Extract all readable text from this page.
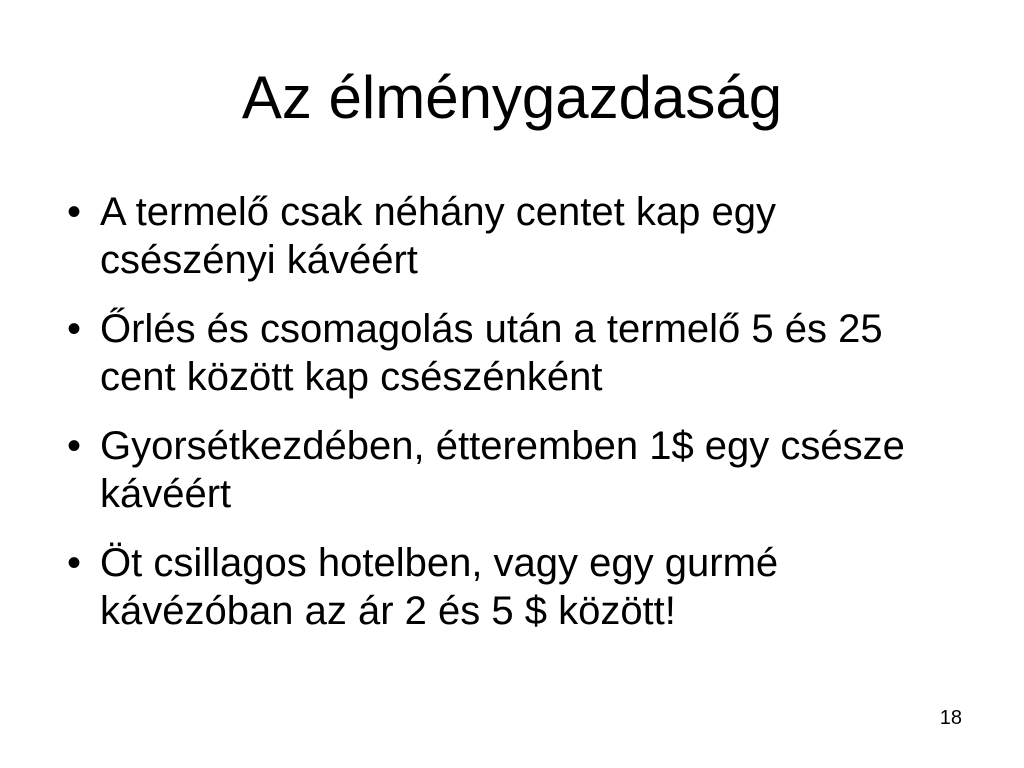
Az élménygazdaság
• A termelő csak néhány centet kap egy csészényi kávéért
• Őrlés és csomagolás után a termelő 5 és 25 cent között kap csészénként
• Gyorsétkezdében, étteremben 1$ egy csésze kávéért
• Öt csillagos hotelben, vagy egy gurmé kávézóban az ár 2 és 5 $ között!
18
